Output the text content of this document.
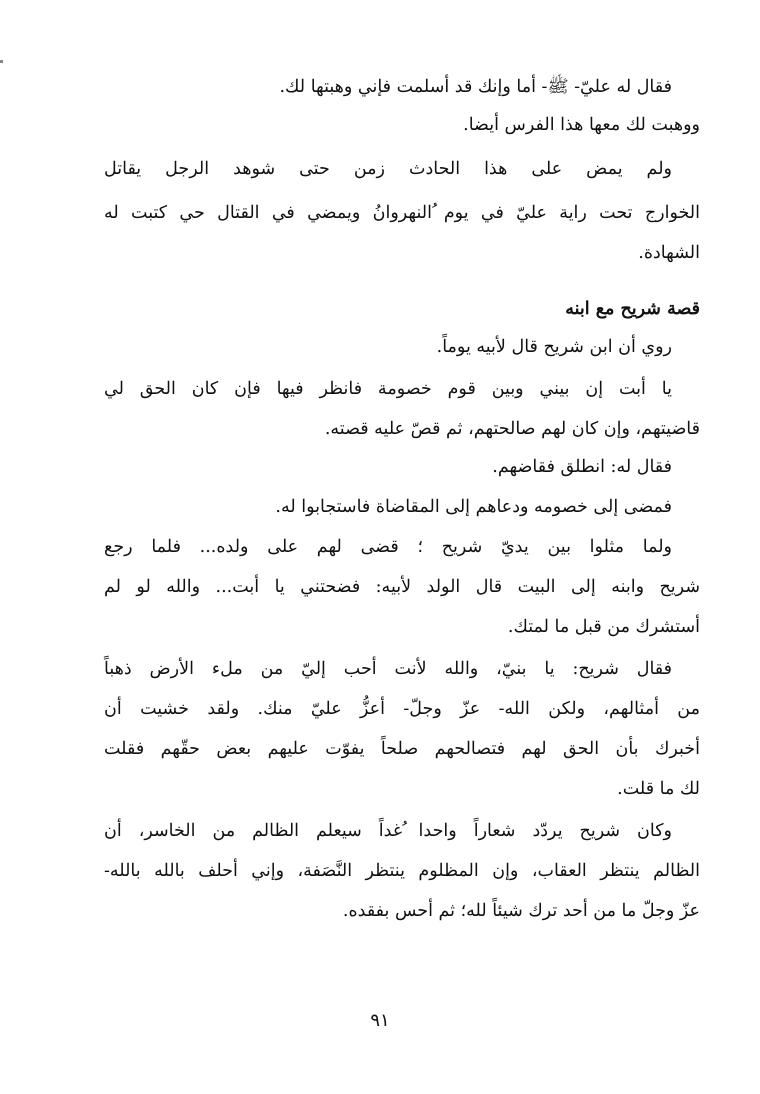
فقال له عليّ- ﷺ- أما وإنك قد أسلمت فإني وهبتها لك.
ووهبت لك معها هذا الفرس أيضا.
ولم يمض على هذا الحادث زمن حتى شوهد الرجل يقاتل
الخوارج تحت راية عليّ في يوم ُالنهروانُ ويمضي في القتال حي كتبت له
الشهادة.
قصة شريح مع ابنه
روي أن ابن شريح قال لأبيه يوماً.
يا أبت إن بيني وبين قوم خصومة فانظر فيها فإن كان الحق لي
قاضيتهم، وإن كان لهم صالحتهم، ثم قصّ عليه قصته.
فقال له: انطلق فقاضهم.
فمضى إلى خصومه ودعاهم إلى المقاضاة فاستجابوا له.
ولما مثلوا بين يديّ شريح ؛ قضى لهم على ولده... فلما رجع
شريح وابنه إلى البيت قال الولد لأبيه: فضحتني يا أبت... والله لو لم
أستشرك من قبل ما لمتك.
فقال شريح: يا بنيّ، والله لأنت أحب إليّ من ملء الأرض ذهباً
من أمثالهم، ولكن الله- عزّ وجلّ- أعزُّ عليّ منك. ولقد خشيت أن
أخبرك بأن الحق لهم فتصالحهم صلحاً يفوّت عليهم بعض حقّهم فقلت
لك ما قلت.
وكان شريح يردّد شعاراً واحدا ُغداً سيعلم الظالم من الخاسر، أن
الظالم ينتظر العقاب، وإن المظلوم ينتظر النَّصَفة، وإني أحلف بالله بالله-
عزّ وجلّ ما من أحد ترك شيئاً لله؛ ثم أحس بفقده.
٩١
